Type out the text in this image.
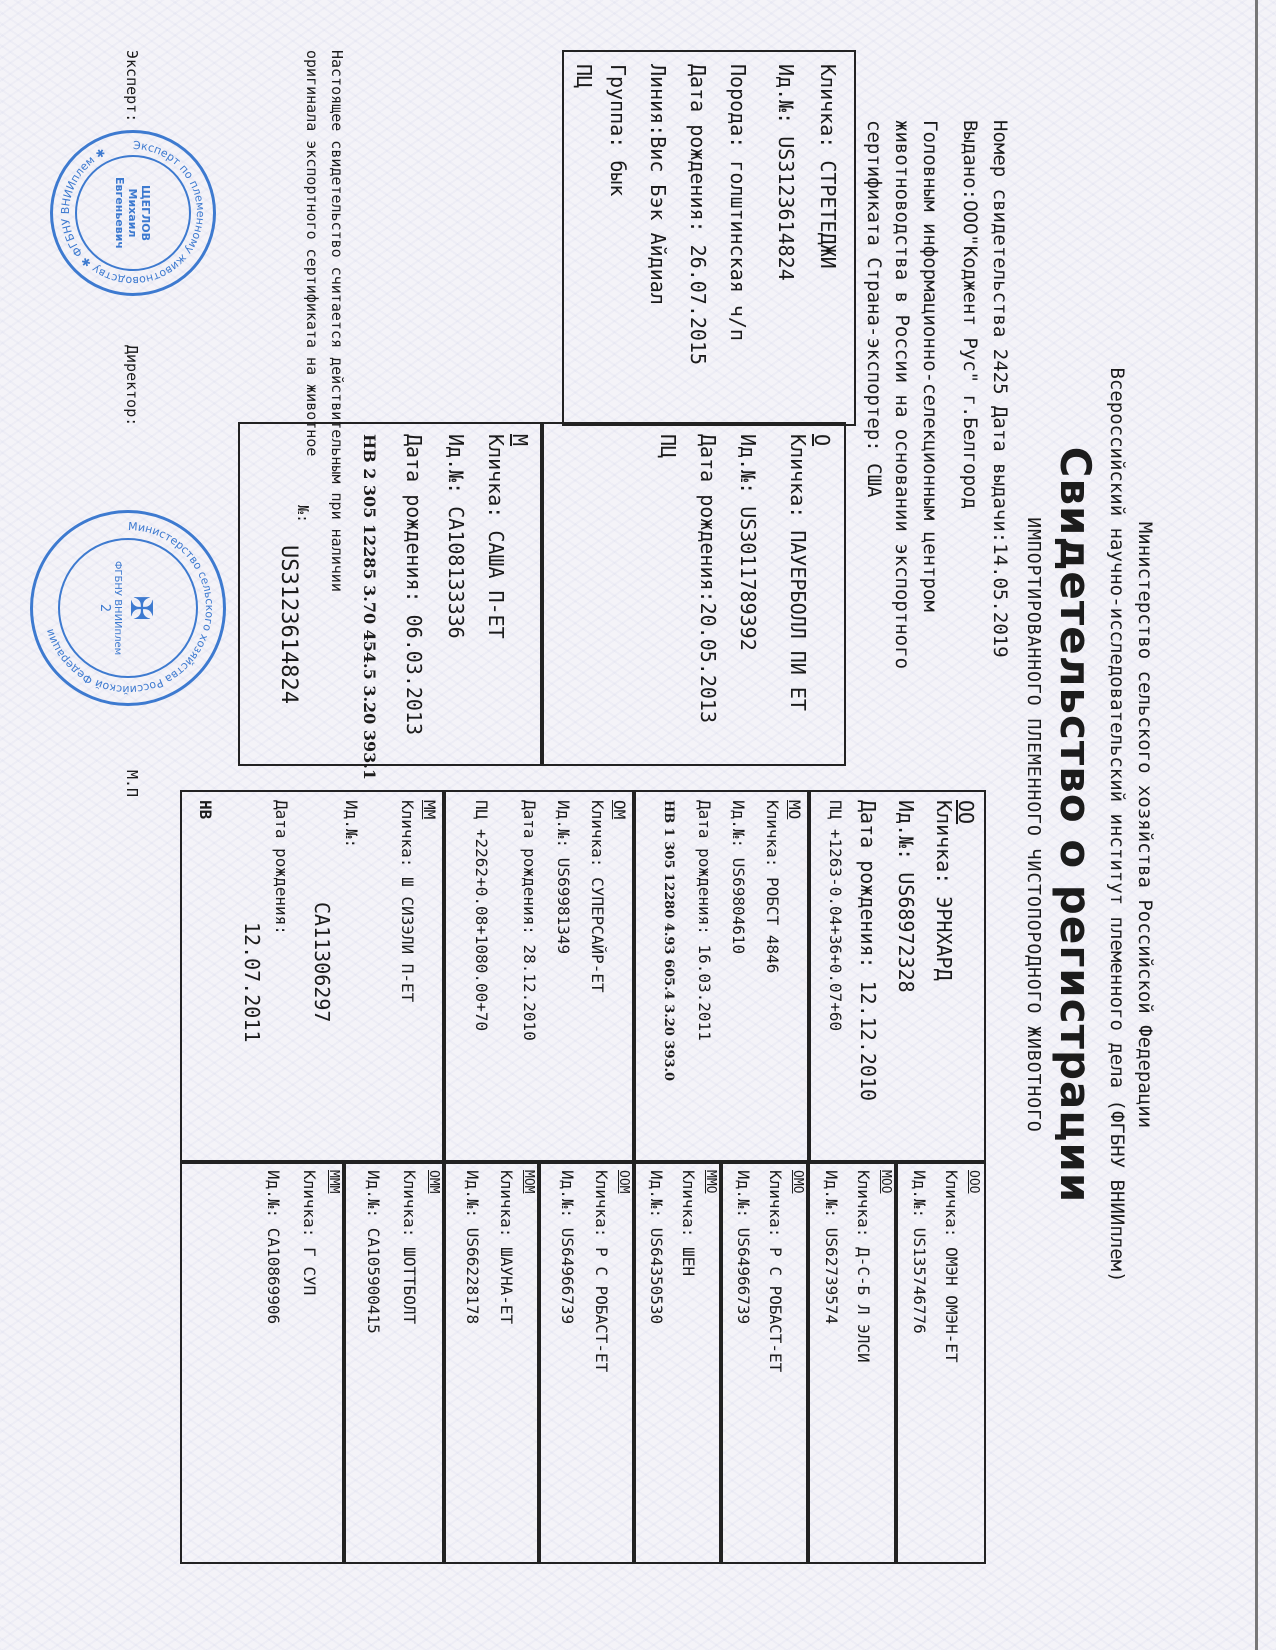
Министерство сельского хозяйства Российской Федерации
Всероссийский научно-исследовательский институт племенного дела (ФГБНУ ВНИИплем)
Свидетельство о регистрации
ИМПОРТИРОВАННОГО ПЛЕМЕННОГО ЧИСТОПОРОДНОГО ЖИВОТНОГО
Номер свидетельства 2425 Дата выдачи:14.05.2019
Выдано:ООО"Коджент Рус" г.Белгород
Головным информационно-селекционным центром
животноводства в России на основании экспортного
сертификата Страна-экспортер: США
Кличка: СТРЕТЕДЖИ
Ид.№: US3123614824
Порода: голштинская ч/п
Дата рождения: 26.07.2015
Линия:Вис Бэк Айдиал
Группа: бык
ПЦ
О
Кличка: ПАУЕРБОЛЛ ПИ ЕТ
Ид.№: US3011789392
Дата рождения:20.05.2013
ПЦ
М
Кличка: САША П-ЕТ
Ид.№: CA108133336
Дата рождения: 06.03.2013
НВ 2 305 12285 3.70 454.5 3.20 393.1
ОО
Кличка: ЭРНХАРД
Ид.№: US68972328
Дата рождения: 12.12.2010
ПЦ +1263-0.04+36+0.07+60
МО
Кличка: РОБСТ 4846
Ид.№: US69804610
Дата рождения: 16.03.2011
НВ 1 305 12280 4.93 605.4 3.20 393.0
ОМ
Кличка: СУПЕРСАЙР-ЕТ
Ид.№: US69981349
Дата рождения: 28.12.2010
ПЦ +2262+0.08+1080.00+70
ММ
Кличка: Ш СИЗЭЛИ П-ЕТ
Ид.№:
CA11306297
Дата рождения:
12.07.2011
НВ
ООО
Кличка: ОМЭН ОМЭН-ЕТ
Ид.№: US135746776
МОО
Кличка: Д-С-Б Л ЭЛСИ
Ид.№: US62739574
ОМО
Кличка: Р С РОБАСТ-ЕТ
Ид.№: US64966739
ММО
Кличка: ШЕН
Ид.№: US64350530
ООМ
Кличка: Р С РОБАСТ-ЕТ
Ид.№: US64966739
МОМ
Кличка: ШАУНА-ЕТ
Ид.№: US66228178
ОММ
Кличка: ШОТТБОЛТ
Ид.№: CA105900415
МММ
Кличка: Г СУП
Ид.№: CA10869906
Настоящее свидетельство считается действительным при наличии
оригинала экспортного сертификата на животное
№:
US3123614824
Эксперт:
Директор:
М.П
Эксперт по племенному животноводству ✱ ФГБНУ ВНИИплем ✱
ЩЕГЛОВ Михаил Евгеньевич
Министерство сельского хозяйства Российской Федерации
✠
ФГБНУ ВНИИплем
2
